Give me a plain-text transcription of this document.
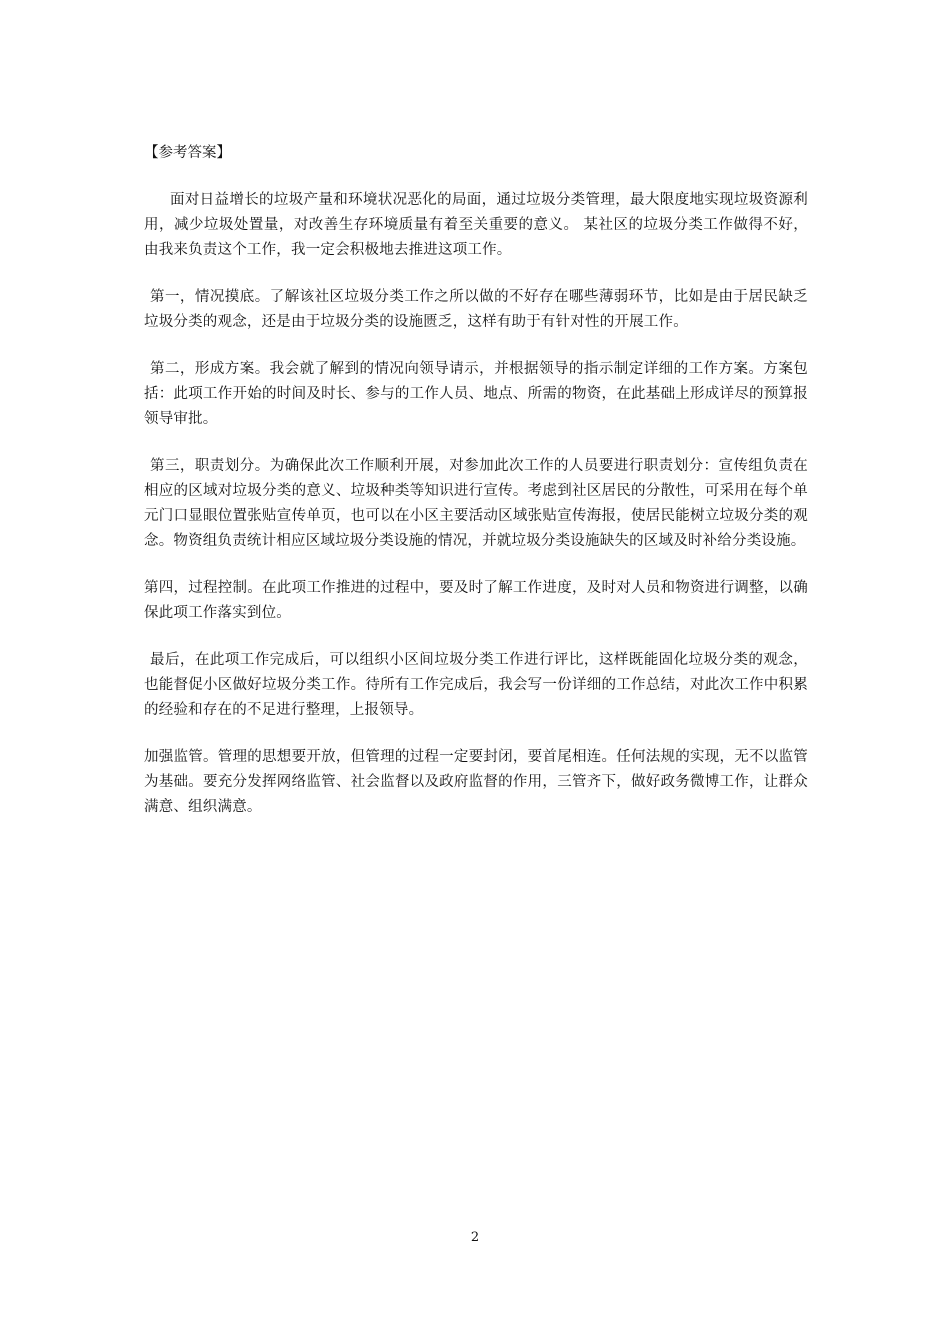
【参考答案】

面对日益增长的垃圾产量和环境状况恶化的局面，通过垃圾分类管理，最大限度地实现垃圾资源利用，减少垃圾处置量，对改善生存环境质量有着至关重要的意义。 某社区的垃圾分类工作做得不好，由我来负责这个工作，我一定会积极地去推进这项工作。

第一，情况摸底。了解该社区垃圾分类工作之所以做的不好存在哪些薄弱环节，比如是由于居民缺乏垃圾分类的观念，还是由于垃圾分类的设施匮乏，这样有助于有针对性的开展工作。

第二，形成方案。我会就了解到的情况向领导请示，并根据领导的指示制定详细的工作方案。方案包括：此项工作开始的时间及时长、参与的工作人员、地点、所需的物资，在此基础上形成详尽的预算报领导审批。

第三，职责划分。为确保此次工作顺利开展，对参加此次工作的人员要进行职责划分：宣传组负责在相应的区域对垃圾分类的意义、垃圾种类等知识进行宣传。考虑到社区居民的分散性，可采用在每个单元门口显眼位置张贴宣传单页，也可以在小区主要活动区域张贴宣传海报，使居民能树立垃圾分类的观念。物资组负责统计相应区域垃圾分类设施的情况，并就垃圾分类设施缺失的区域及时补给分类设施。

第四，过程控制。在此项工作推进的过程中，要及时了解工作进度，及时对人员和物资进行调整，以确保此项工作落实到位。

最后，在此项工作完成后，可以组织小区间垃圾分类工作进行评比，这样既能固化垃圾分类的观念，也能督促小区做好垃圾分类工作。待所有工作完成后，我会写一份详细的工作总结，对此次工作中积累的经验和存在的不足进行整理，上报领导。

加强监管。管理的思想要开放，但管理的过程一定要封闭，要首尾相连。任何法规的实现，无不以监管为基础。要充分发挥网络监管、社会监督以及政府监督的作用，三管齐下，做好政务微博工作，让群众满意、组织满意。

2
